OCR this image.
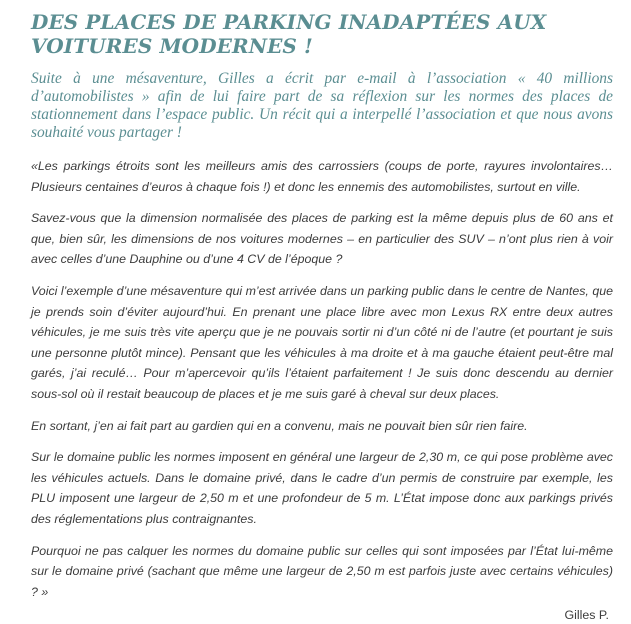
DES PLACES DE PARKING INADAPTÉES AUX VOITURES MODERNES !

Suite à une mésaventure, Gilles a écrit par e-mail à l’association « 40 millions d’automobilistes » afin de lui faire part de sa réflexion sur les normes des places de stationnement dans l’espace public. Un récit qui a interpellé l’association et que nous avons souhaité vous partager !

«Les parkings étroits sont les meilleurs amis des carrossiers (coups de porte, rayures involontaires… Plusieurs centaines d’euros à chaque fois !) et donc les ennemis des automobilistes, surtout en ville.

Savez-vous que la dimension normalisée des places de parking est la même depuis plus de 60 ans et que, bien sûr, les dimensions de nos voitures modernes – en particulier des SUV – n’ont plus rien à voir avec celles d’une Dauphine ou d’une 4 CV de l’époque ?

Voici l’exemple d’une mésaventure qui m’est arrivée dans un parking public dans le centre de Nantes, que je prends soin d’éviter aujourd’hui. En prenant une place libre avec mon Lexus RX entre deux autres véhicules, je me suis très vite aperçu que je ne pouvais sortir ni d’un côté ni de l’autre (et pourtant je suis une personne plutôt mince). Pensant que les véhicules à ma droite et à ma gauche étaient peut-être mal garés, j’ai reculé… Pour m’apercevoir qu’ils l’étaient parfaitement ! Je suis donc descendu au dernier sous-sol où il restait beaucoup de places et je me suis garé à cheval sur deux places.

En sortant, j’en ai fait part au gardien qui en a convenu, mais ne pouvait bien sûr rien faire.

Sur le domaine public les normes imposent en général une largeur de 2,30 m, ce qui pose problème avec les véhicules actuels. Dans le domaine privé, dans le cadre d’un permis de construire par exemple, les PLU imposent une largeur de 2,50 m et une profondeur de 5 m. L’État impose donc aux parkings privés des réglementations plus contraignantes.

Pourquoi ne pas calquer les normes du domaine public sur celles qui sont imposées par l’État lui-même sur le domaine privé (sachant que même une largeur de 2,50 m est parfois juste avec certains véhicules) ? »

Gilles P.
